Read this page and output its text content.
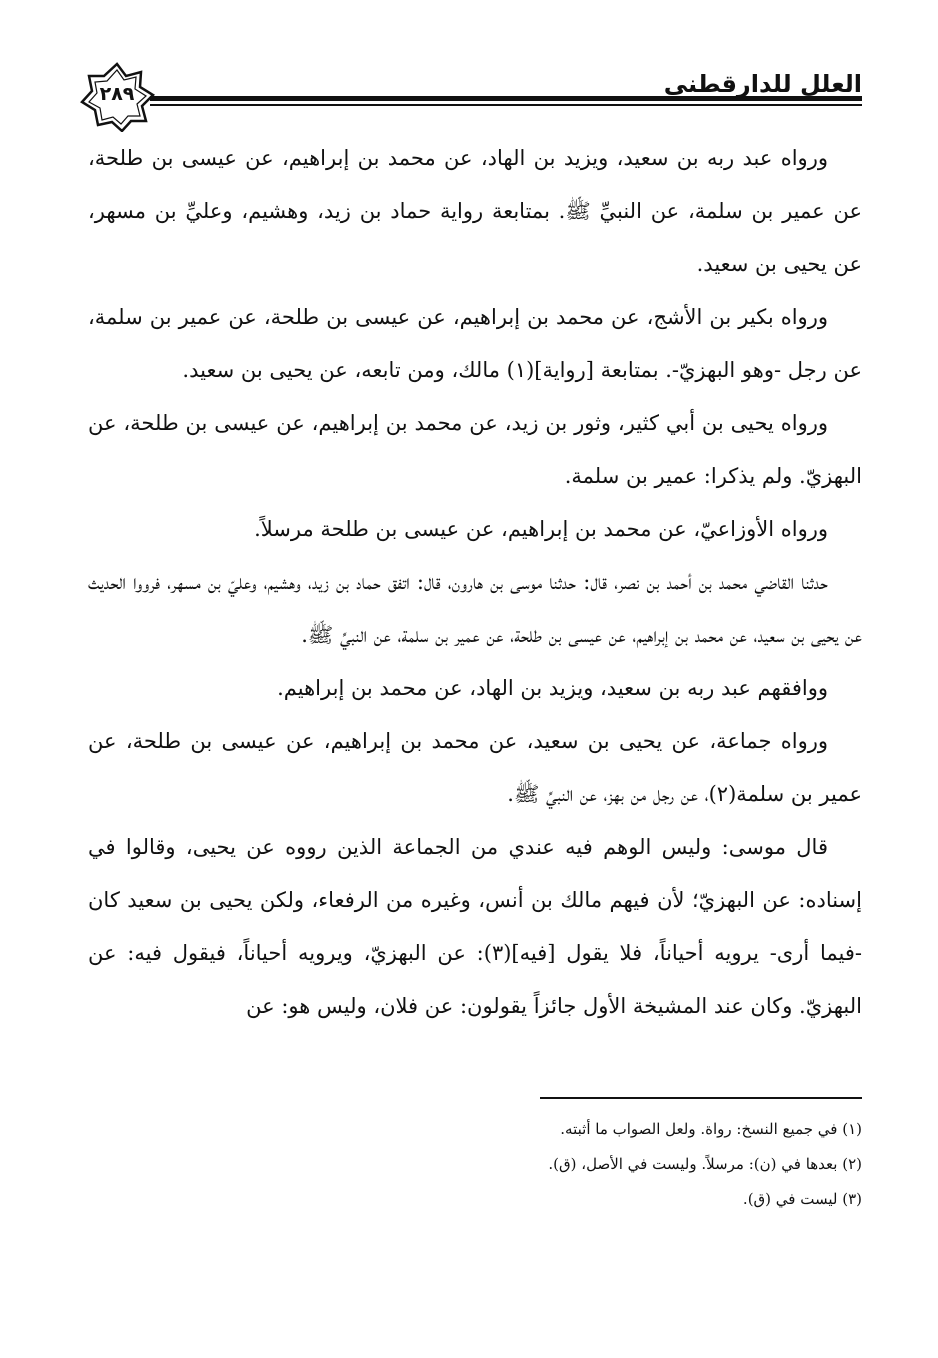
٢٨٩	العلل للدارقطني

ورواه عبد ربه بن سعيد، ويزيد بن الهاد، عن محمد بن إبراهيم، عن عيسى بن طلحة، عن عمير بن سلمة، عن النبيِّ ﷺ. بمتابعة رواية حماد بن زيد، وهشيم، وعليِّ بن مسهر، عن يحيى بن سعيد.

ورواه بكير بن الأشج، عن محمد بن إبراهيم، عن عيسى بن طلحة، عن عمير بن سلمة، عن رجل -وهو البهزيّ-. بمتابعة [رواية](١) مالك، ومن تابعه، عن يحيى بن سعيد.

ورواه يحيى بن أبي كثير، وثور بن زيد، عن محمد بن إبراهيم، عن عيسى بن طلحة، عن البهزيّ. ولم يذكرا: عمير بن سلمة.

ورواه الأوزاعيّ، عن محمد بن إبراهيم، عن عيسى بن طلحة مرسلاً.

حدثنا القاضي محمد بن أحمد بن نصر، قال: حدثنا موسى بن هارون، قال: اتفق حماد بن زيد، وهشيم، وعليّ بن مسهر، فرووا الحديث عن يحيى بن سعيد، عن محمد بن إبراهيم، عن عيسى بن طلحة، عن عمير بن سلمة، عن النبيِّ ﷺ.

ووافقهم عبد ربه بن سعيد، ويزيد بن الهاد، عن محمد بن إبراهيم.

ورواه جماعة، عن يحيى بن سعيد، عن محمد بن إبراهيم، عن عيسى بن طلحة، عن عمير بن سلمة(٢)، عن رجل من بهز، عن النبيِّ ﷺ.

قال موسى: وليس الوهم فيه عندي من الجماعة الذين رووه عن يحيى، وقالوا في إسناده: عن البهزيّ؛ لأن فيهم مالك بن أنس، وغيره من الرفعاء، ولكن يحيى بن سعيد كان -فيما أرى- يرويه أحياناً، فلا يقول [فيه](٣): عن البهزيّ، ويرويه أحياناً، فيقول فيه: عن البهزيّ. وكان عند المشيخة الأول جائزاً يقولون: عن فلان، وليس هو: عن

(١) في جميع النسخ: رواة. ولعل الصواب ما أثبته.

(٢) بعدها في (ن): مرسلاً. وليست في الأصل، (ق).

(٣) ليست في (ق).
